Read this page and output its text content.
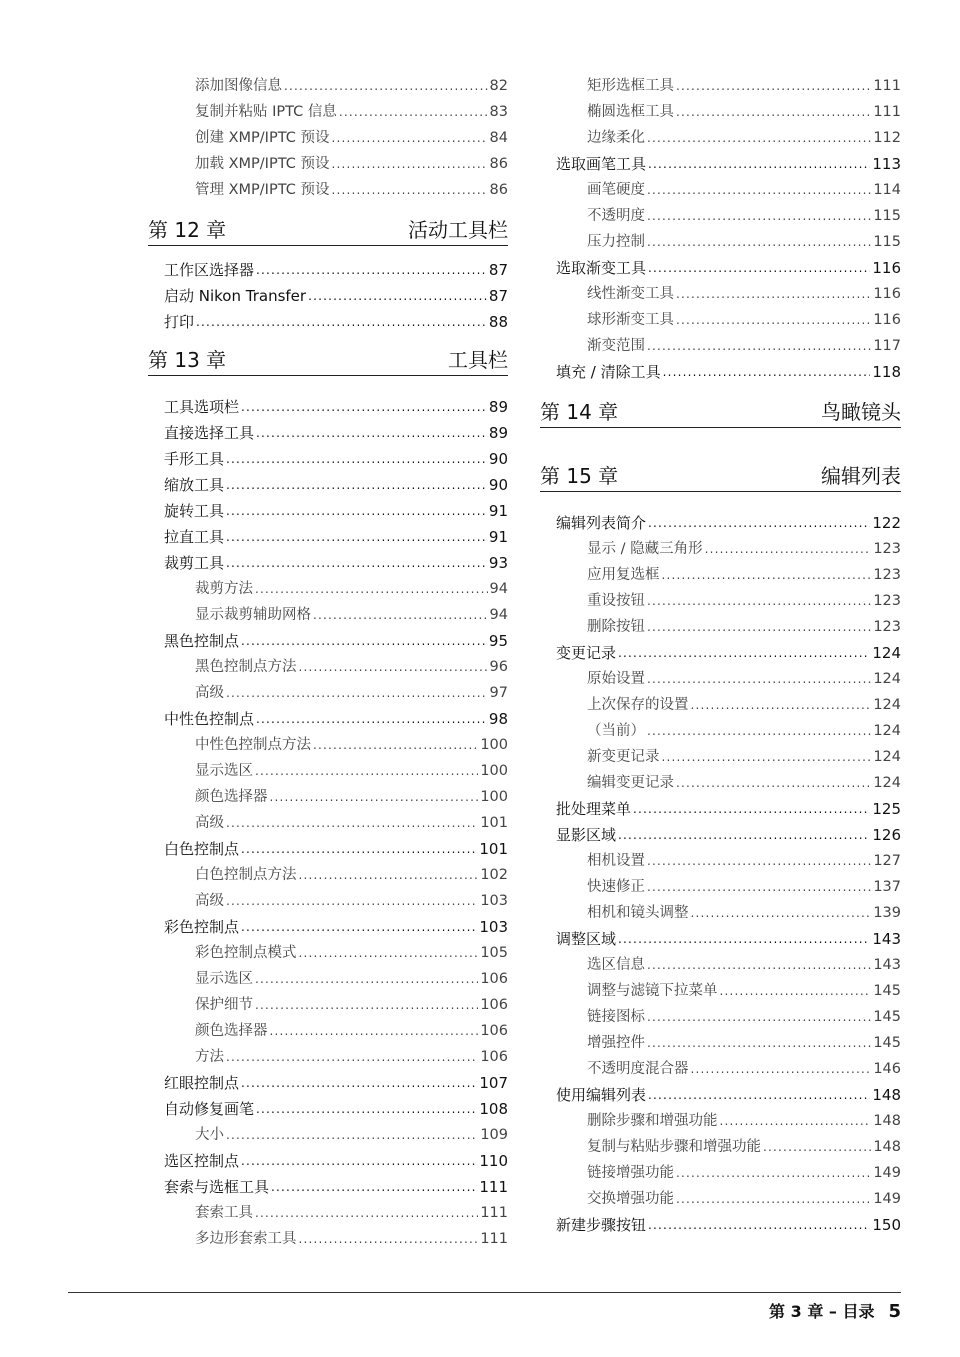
添加图像信息 .....	82
复制并粘贴 IPTC 信息 .....	83
创建 XMP/IPTC 预设 .....	84
加载 XMP/IPTC 预设 .....	86
管理 XMP/IPTC 预设 .....	86
第 12 章	活动工具栏
工作区选择器 .....	87
启动 Nikon Transfer .....	87
打印 .....	88
第 13 章	工具栏
工具选项栏 .....	89
直接选择工具 .....	89
手形工具 .....	90
缩放工具 .....	90
旋转工具 .....	91
拉直工具 .....	91
裁剪工具 .....	93
裁剪方法 .....	94
显示裁剪辅助网格 .....	94
黑色控制点 .....	95
黑色控制点方法 .....	96
高级 .....	97
中性色控制点 .....	98
中性色控制点方法 .....	100
显示选区 .....	100
颜色选择器 .....	100
高级 .....	101
白色控制点 .....	101
白色控制点方法 .....	102
高级 .....	103
彩色控制点 .....	103
彩色控制点模式 .....	105
显示选区 .....	106
保护细节 .....	106
颜色选择器 .....	106
方法 .....	106
红眼控制点 .....	107
自动修复画笔 .....	108
大小 .....	109
选区控制点 .....	110
套索与选框工具 .....	111
套索工具 .....	111
多边形套索工具 .....	111
矩形选框工具 .....	111
椭圆选框工具 .....	111
边缘柔化 .....	112
选取画笔工具 .....	113
画笔硬度 .....	114
不透明度 .....	115
压力控制 .....	115
选取渐变工具 .....	116
线性渐变工具 .....	116
球形渐变工具 .....	116
渐变范围 .....	117
填充 / 清除工具 .....	118
第 14 章	鸟瞰镜头
第 15 章	编辑列表
编辑列表简介 .....	122
显示 / 隐藏三角形 .....	123
应用复选框 .....	123
重设按钮 .....	123
删除按钮 .....	123
变更记录 .....	124
原始设置 .....	124
上次保存的设置 .....	124
（当前） .....	124
新变更记录 .....	124
编辑变更记录 .....	124
批处理菜单 .....	125
显影区域 .....	126
相机设置 .....	127
快速修正 .....	137
相机和镜头调整 .....	139
调整区域 .....	143
选区信息 .....	143
调整与滤镜下拉菜单 .....	145
链接图标 .....	145
增强控件 .....	145
不透明度混合器 .....	146
使用编辑列表 .....	148
删除步骤和增强功能 .....	148
复制与粘贴步骤和增强功能 .....	148
链接增强功能 .....	149
交换增强功能 .....	149
新建步骤按钮 .....	150
第 3 章 – 目录 5
